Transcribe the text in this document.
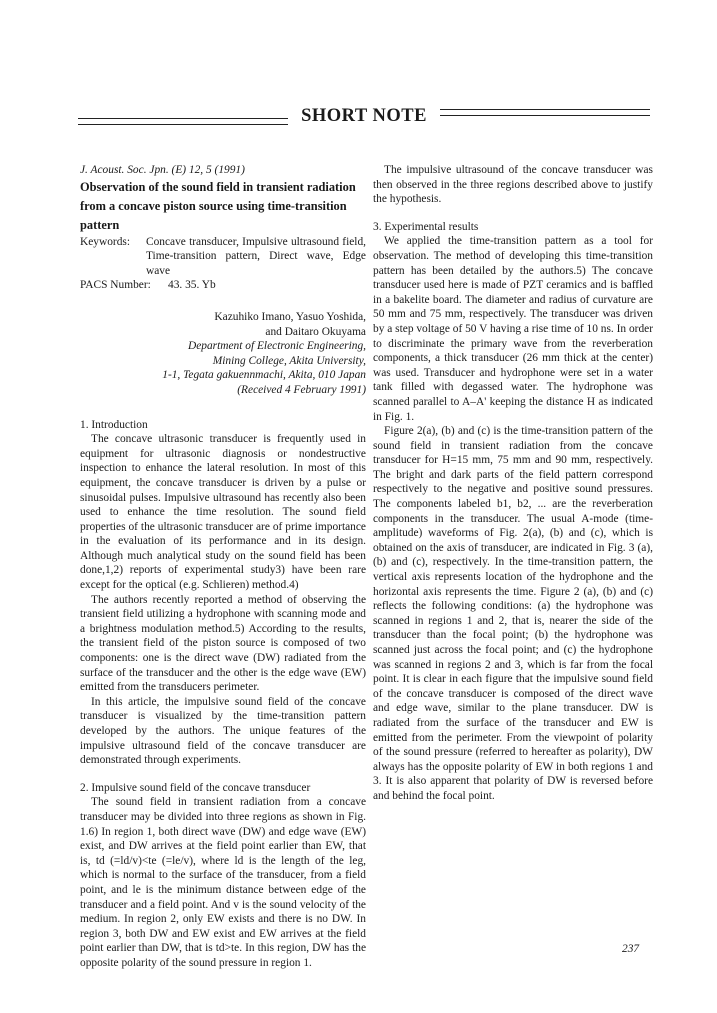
SHORT NOTE

J. Acoust. Soc. Jpn. (E) 12, 5 (1991)

Observation of the sound field in transient radiation from a concave piston source using time-transition pattern

Keywords:	Concave transducer, Impulsive ultrasound field, Time-transition pattern, Direct wave, Edge wave
PACS Number:	43. 35. Yb
Kazuhiko Imano, Yasuo Yoshida,
and Daitaro Okuyama
Department of Electronic Engineering,
Mining College, Akita University,
1-1, Tegata gakuennmachi, Akita, 010 Japan
(Received 4 February 1991)

1. Introduction

The concave ultrasonic transducer is frequently used in equipment for ultrasonic diagnosis or nondestructive inspection to enhance the lateral resolution. In most of this equipment, the concave transducer is driven by a pulse or sinusoidal pulses. Impulsive ultrasound has recently also been used to enhance the time resolution. The sound field properties of the ultrasonic transducer are of prime importance in the evaluation of its performance and in its design. Although much analytical study on the sound field has been done,1,2) reports of experimental study3) have been rare except for the optical (e.g. Schlieren) method.4)

The authors recently reported a method of observing the transient field utilizing a hydrophone with scanning mode and a brightness modulation method.5) According to the results, the transient field of the piston source is composed of two components: one is the direct wave (DW) radiated from the surface of the transducer and the other is the edge wave (EW) emitted from the transducers perimeter.

In this article, the impulsive sound field of the concave transducer is visualized by the time-transition pattern developed by the authors. The unique features of the impulsive ultrasound field of the concave transducer are demonstrated through experiments.

2. Impulsive sound field of the concave transducer

The sound field in transient radiation from a concave transducer may be divided into three regions as shown in Fig. 1.6) In region 1, both direct wave (DW) and edge wave (EW) exist, and DW arrives at the field point earlier than EW, that is, td (=ld/v)<te (=le/v), where ld is the length of the leg, which is normal to the surface of the transducer, from a field point, and le is the minimum distance between edge of the transducer and a field point. And v is the sound velocity of the medium. In region 2, only EW exists and there is no DW. In region 3, both DW and EW exist and EW arrives at the field point earlier than DW, that is td>te. In this region, DW has the opposite polarity of the sound pressure in region 1.

The impulsive ultrasound of the concave transducer was then observed in the three regions described above to justify the hypothesis.

3. Experimental results

We applied the time-transition pattern as a tool for observation. The method of developing this time-transition pattern has been detailed by the authors.5) The concave transducer used here is made of PZT ceramics and is baffled in a bakelite board. The diameter and radius of curvature are 50 mm and 75 mm, respectively. The transducer was driven by a step voltage of 50 V having a rise time of 10 ns. In order to discriminate the primary wave from the reverberation components, a thick transducer (26 mm thick at the center) was used. Transducer and hydrophone were set in a water tank filled with degassed water. The hydrophone was scanned parallel to A–A' keeping the distance H as indicated in Fig. 1.

Figure 2(a), (b) and (c) is the time-transition pattern of the sound field in transient radiation from the concave transducer for H=15 mm, 75 mm and 90 mm, respectively. The bright and dark parts of the field pattern correspond respectively to the negative and positive sound pressures. The components labeled b1, b2, ... are the reverberation components in the transducer. The usual A-mode (time-amplitude) waveforms of Fig. 2(a), (b) and (c), which is obtained on the axis of transducer, are indicated in Fig. 3 (a), (b) and (c), respectively. In the time-transition pattern, the vertical axis represents location of the hydrophone and the horizontal axis represents the time. Figure 2 (a), (b) and (c) reflects the following conditions: (a) the hydrophone was scanned in regions 1 and 2, that is, nearer the side of the transducer than the focal point; (b) the hydrophone was scanned just across the focal point; and (c) the hydrophone was scanned in regions 2 and 3, which is far from the focal point. It is clear in each figure that the impulsive sound field of the concave transducer is composed of the direct wave and edge wave, similar to the plane transducer. DW is radiated from the surface of the transducer and EW is emitted from the perimeter. From the viewpoint of polarity of the sound pressure (referred to hereafter as polarity), DW always has the opposite polarity of EW in both regions 1 and 3. It is also apparent that polarity of DW is reversed before and behind the focal point.

237
